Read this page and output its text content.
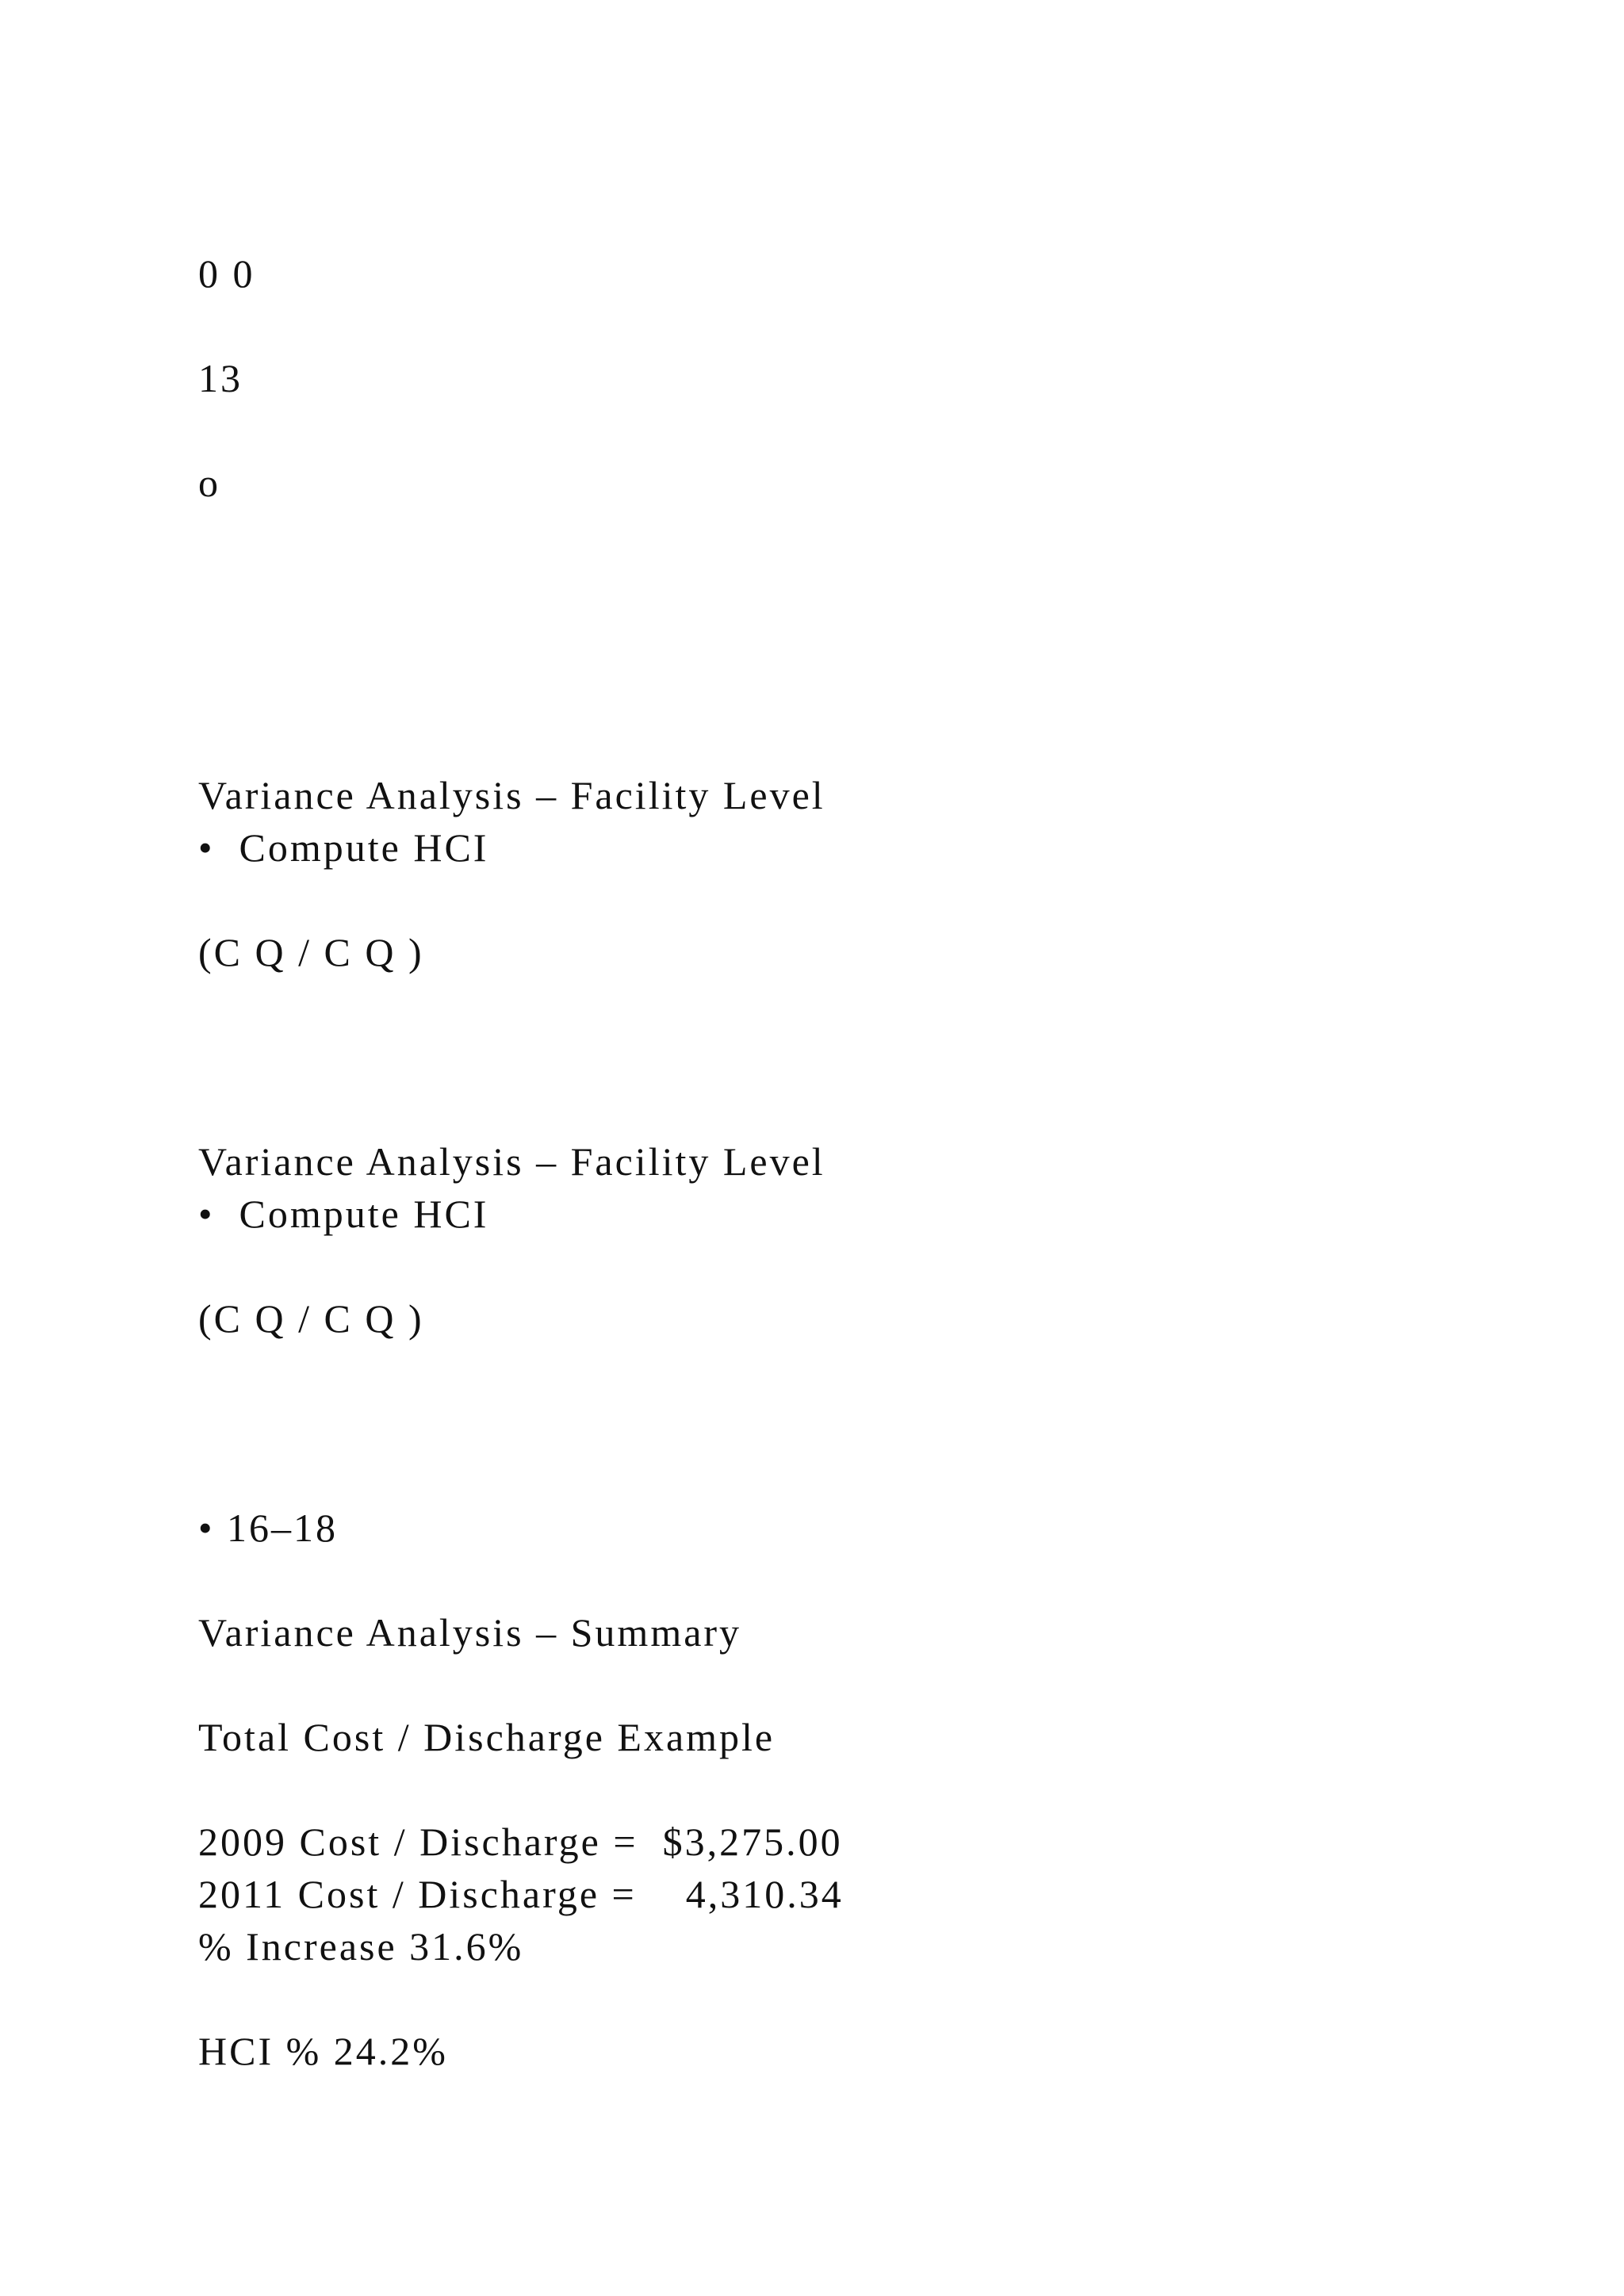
0 0

13

o

Variance Analysis – Facility Level

•  Compute HCI

(C Q / C Q )

Variance Analysis – Facility Level

•  Compute HCI

(C Q / C Q )

• 16–18

Variance Analysis – Summary

Total Cost / Discharge Example

2009 Cost / Discharge =  $3,275.00

2011 Cost / Discharge =    4,310.34

% Increase 31.6%

HCI % 24.2%
